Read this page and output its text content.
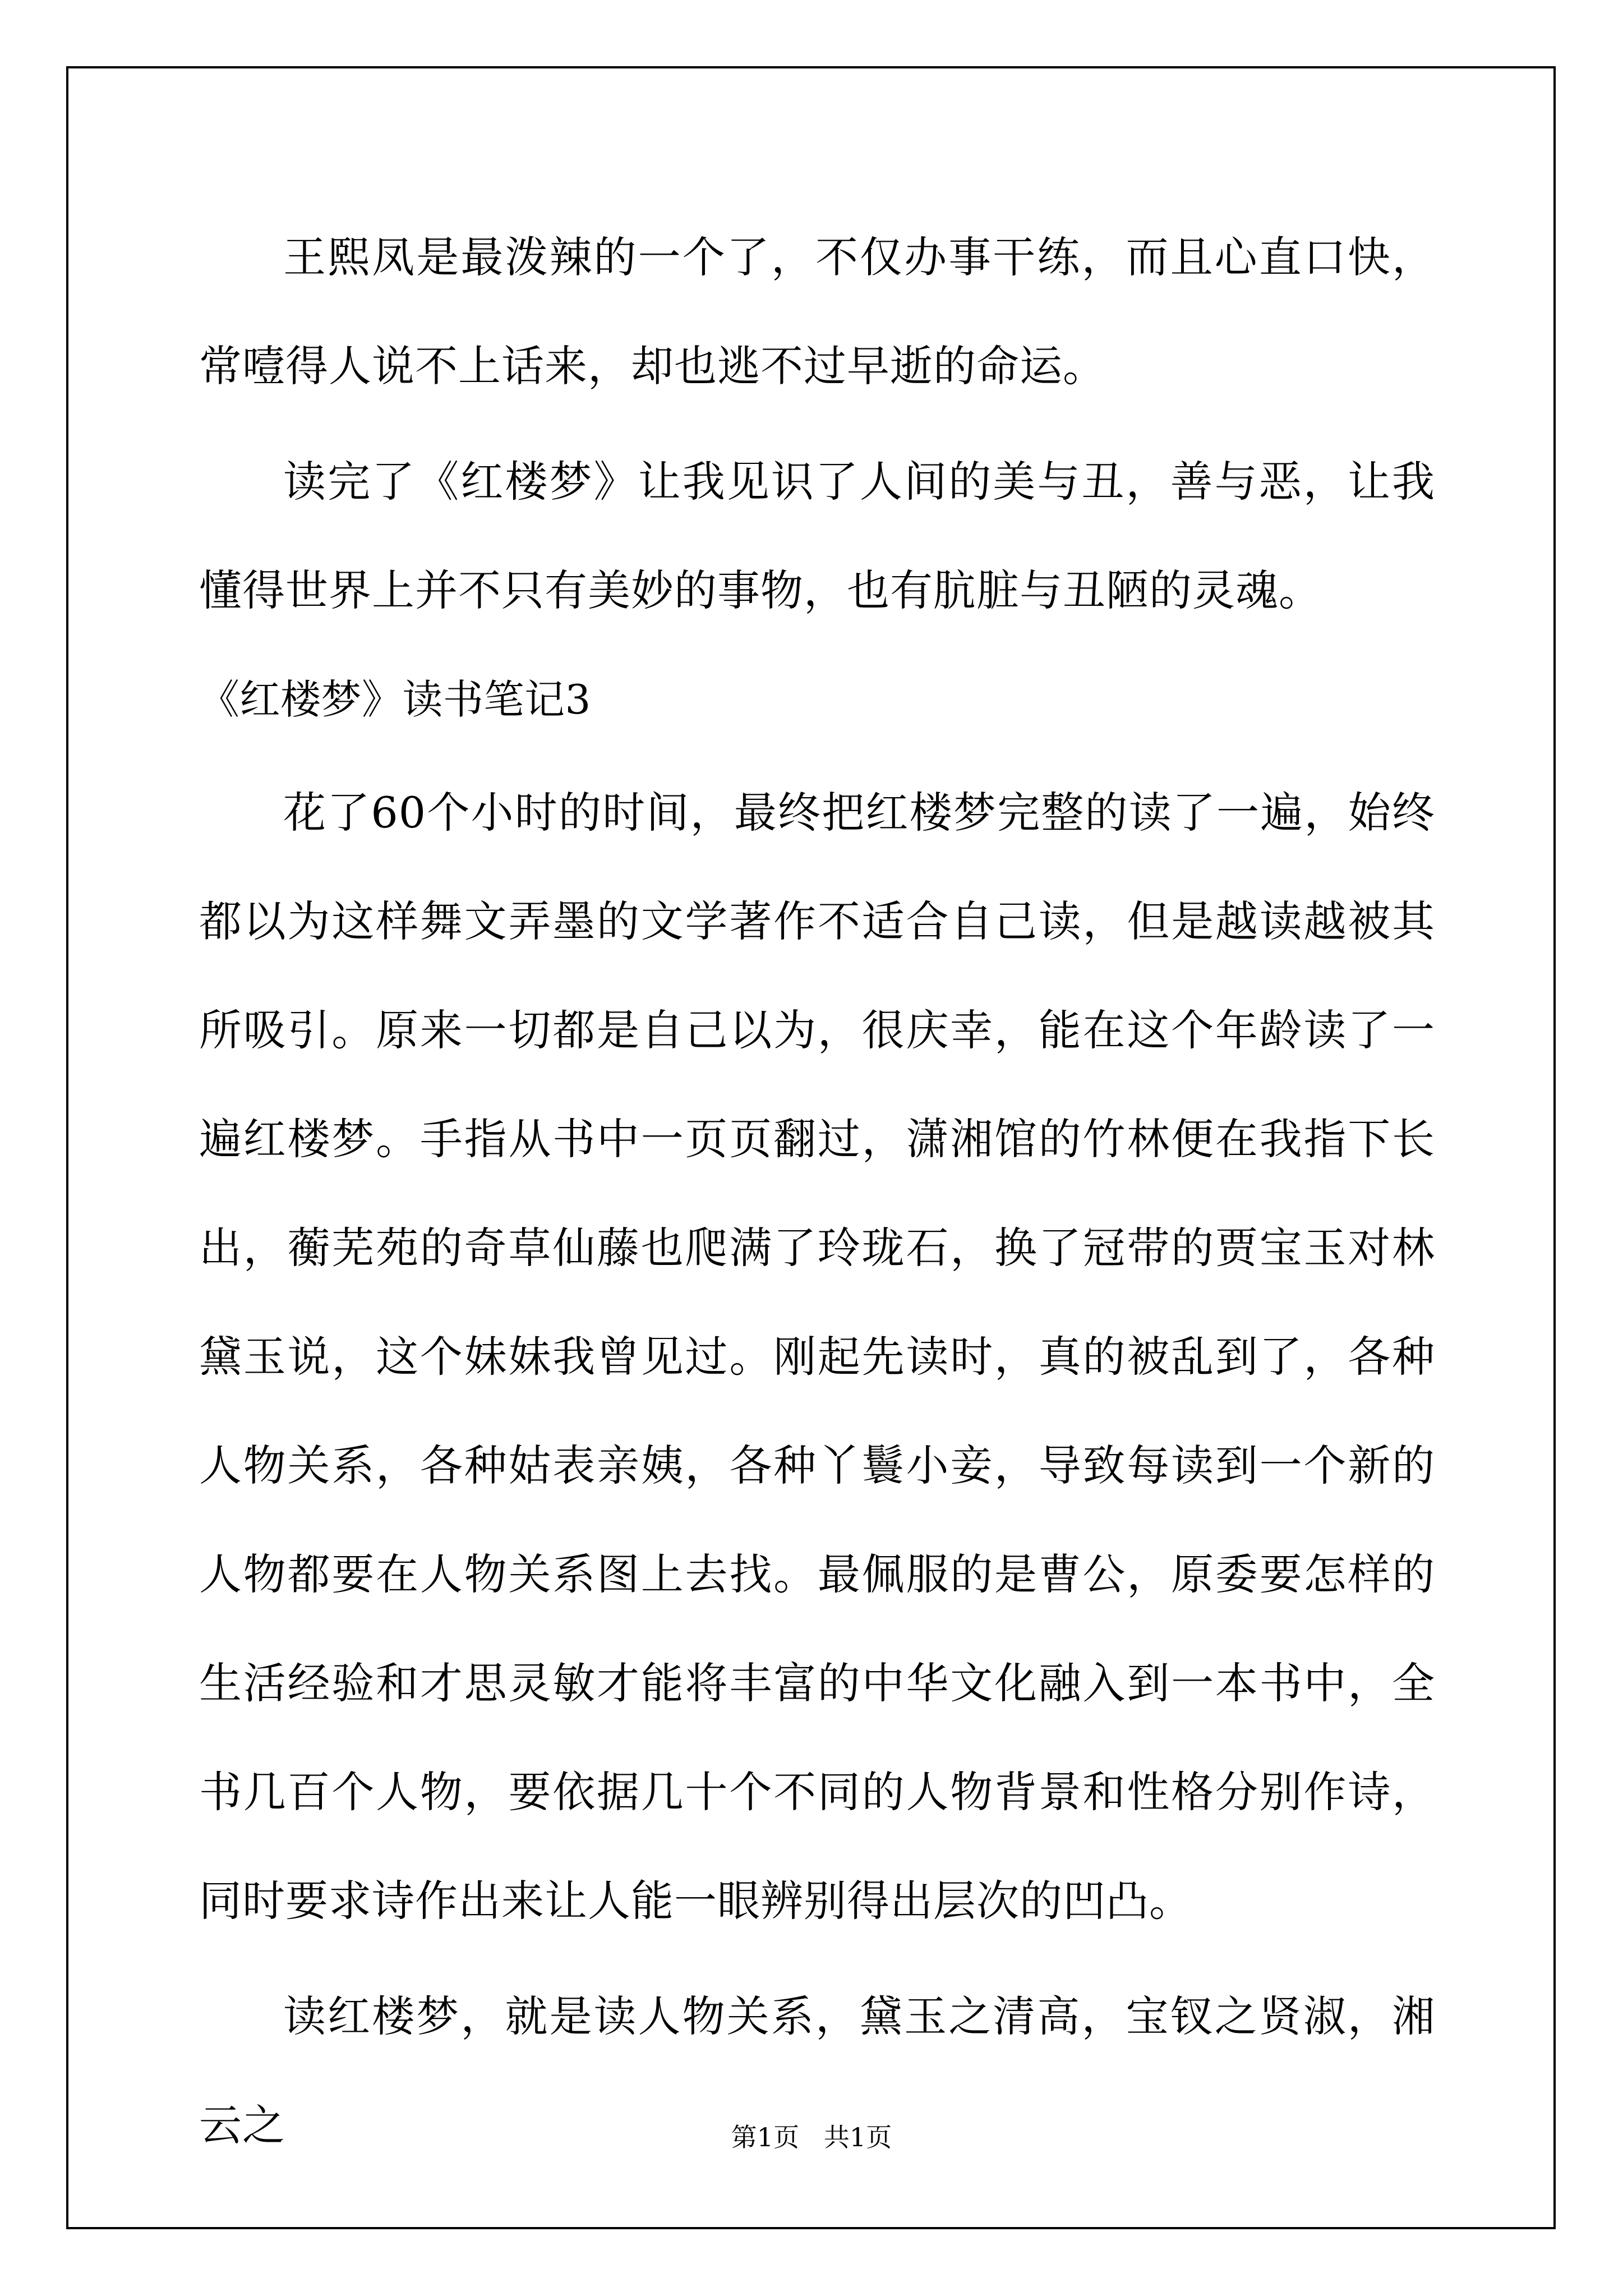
王熙凤是最泼辣的一个了，不仅办事干练，而且心直口快，常噎得人说不上话来，却也逃不过早逝的命运。

读完了《红楼梦》让我见识了人间的美与丑，善与恶，让我懂得世界上并不只有美妙的事物，也有肮脏与丑陋的灵魂。

《红楼梦》读书笔记3

花了60个小时的时间，最终把红楼梦完整的读了一遍，始终都以为这样舞文弄墨的文学著作不适合自己读，但是越读越被其所吸引。原来一切都是自己以为，很庆幸，能在这个年龄读了一遍红楼梦。手指从书中一页页翻过，潇湘馆的竹林便在我指下长出，蘅芜苑的奇草仙藤也爬满了玲珑石，换了冠带的贾宝玉对林黛玉说，这个妹妹我曾见过。刚起先读时，真的被乱到了，各种人物关系，各种姑表亲姨，各种丫鬟小妾，导致每读到一个新的人物都要在人物关系图上去找。最佩服的是曹公，原委要怎样的生活经验和才思灵敏才能将丰富的中华文化融入到一本书中，全书几百个人物，要依据几十个不同的人物背景和性格分别作诗，同时要求诗作出来让人能一眼辨别得出层次的凹凸。

读红楼梦，就是读人物关系，黛玉之清高，宝钗之贤淑，湘云之	第1页   共1页
